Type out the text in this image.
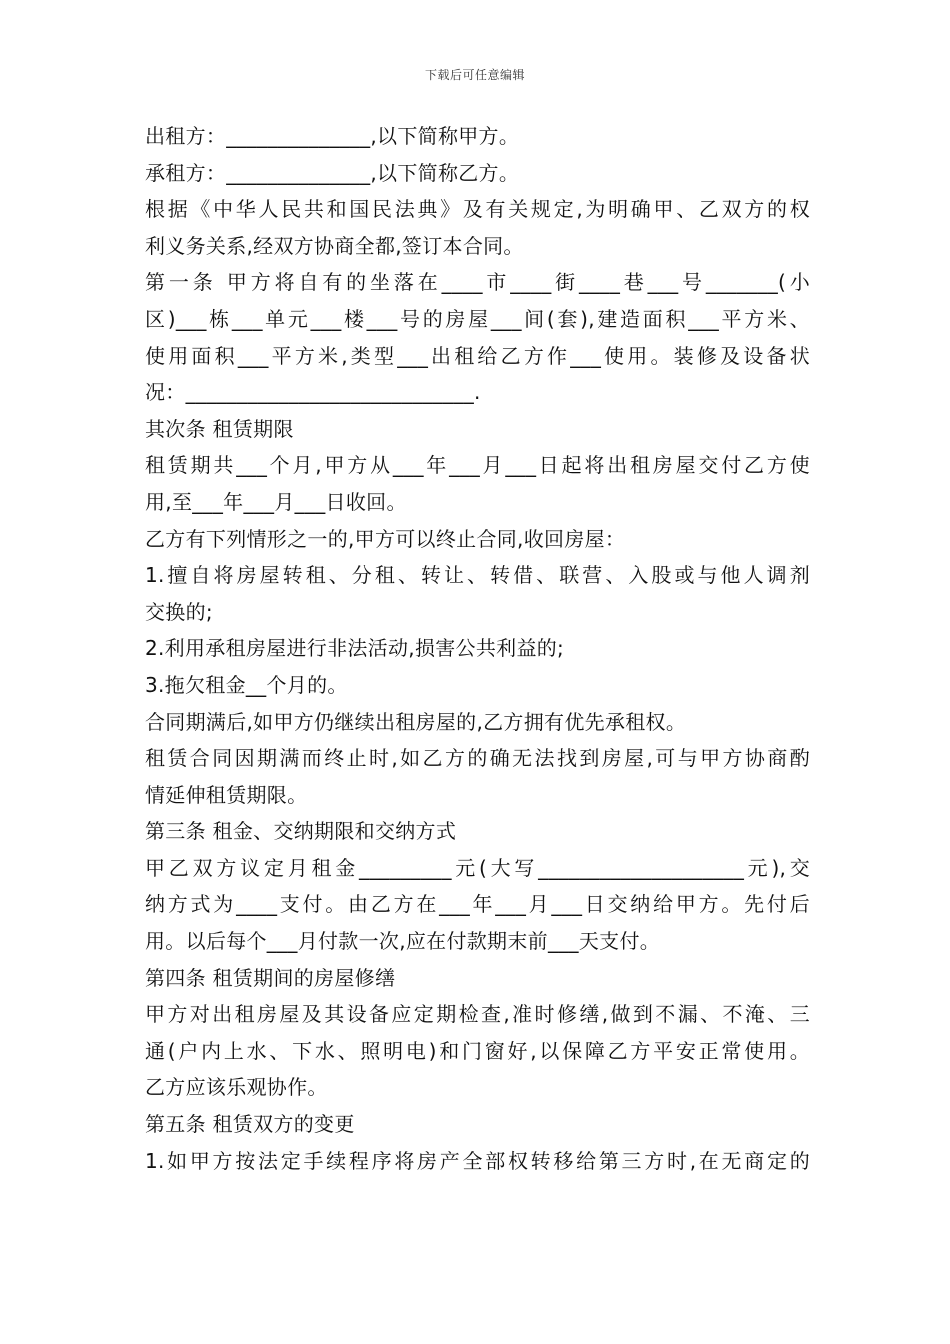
下载后可任意编辑
出租方：______________,以下简称甲方。
承租方：______________,以下简称乙方。
根据《中华人民共和国民法典》及有关规定,为明确甲、乙双方的权
利义务关系,经双方协商全都,签订本合同。
第一条 甲方将自有的坐落在____市____街____巷___号_______(小
区)___栋___单元___楼___号的房屋___间(套),建造面积___平方米、
使用面积___平方米,类型___出租给乙方作___使用。装修及设备状
况：____________________________.
其次条 租赁期限
租赁期共___个月,甲方从___年___月___日起将出租房屋交付乙方使
用,至___年___月___日收回。
乙方有下列情形之一的,甲方可以终止合同,收回房屋：
1.擅自将房屋转租、分租、转让、转借、联营、入股或与他人调剂
交换的;
2.利用承租房屋进行非法活动,损害公共利益的;
3.拖欠租金__个月的。
合同期满后,如甲方仍继续出租房屋的,乙方拥有优先承租权。
租赁合同因期满而终止时,如乙方的确无法找到房屋,可与甲方协商酌
情延伸租赁期限。
第三条 租金、交纳期限和交纳方式
甲乙双方议定月租金_________元(大写____________________元),交
纳方式为____支付。由乙方在___年___月___日交纳给甲方。先付后
用。以后每个___月付款一次,应在付款期末前___天支付。
第四条 租赁期间的房屋修缮
甲方对出租房屋及其设备应定期检查,准时修缮,做到不漏、不淹、三
通(户内上水、下水、照明电)和门窗好,以保障乙方平安正常使用。
乙方应该乐观协作。
第五条 租赁双方的变更
1.如甲方按法定手续程序将房产全部权转移给第三方时,在无商定的
